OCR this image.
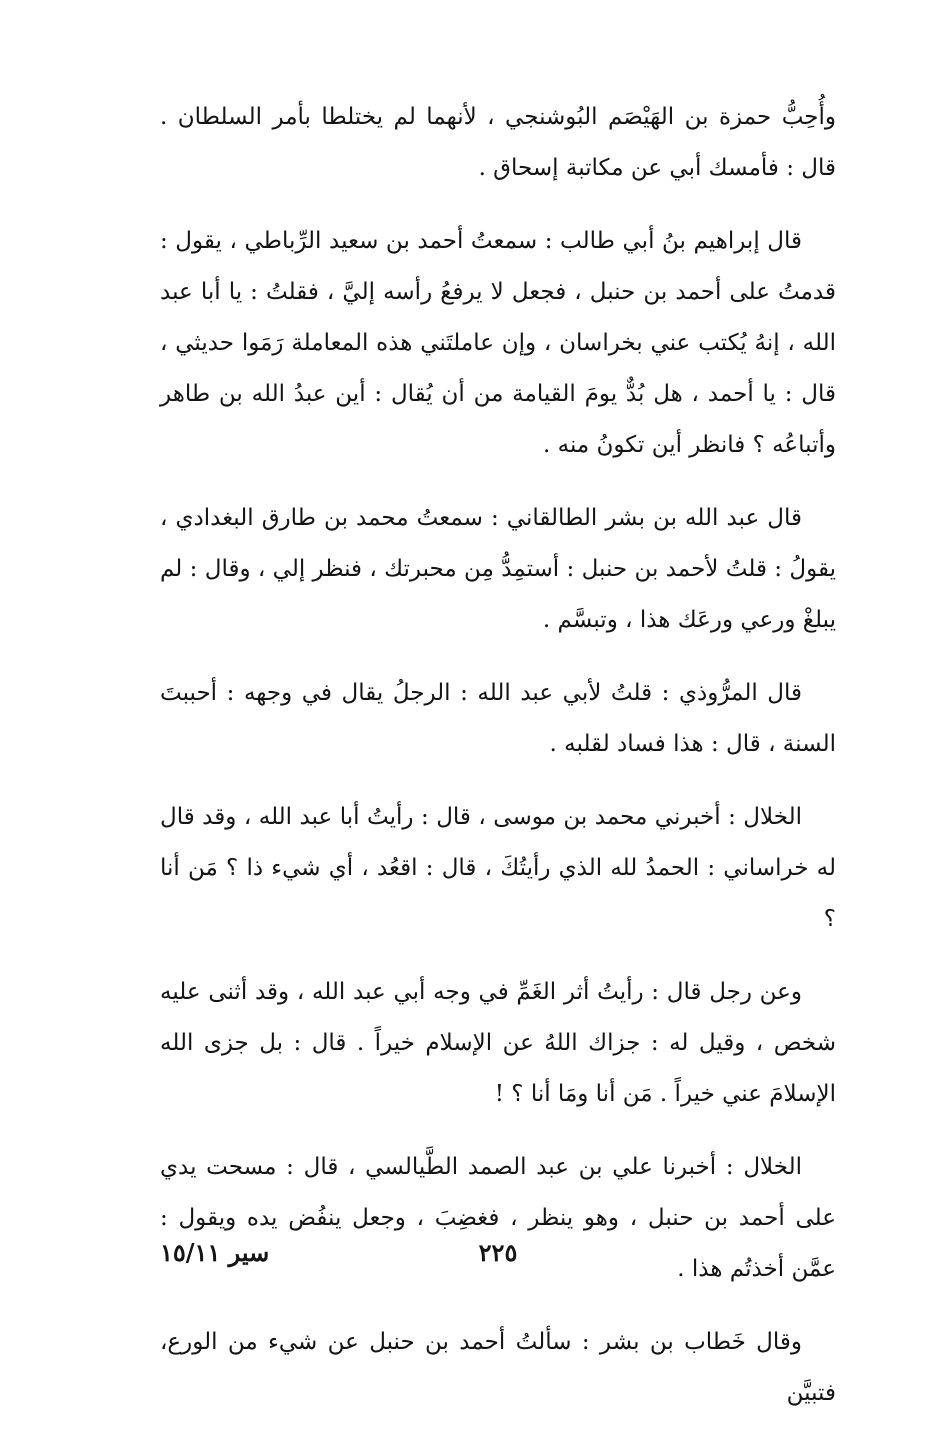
وأُحِبُّ حمزة بن الهَيْصَم البُوشنجي ، لأنهما لم يختلطا بأمر السلطان . قال : فأمسك أبي عن مكاتبة إسحاق .

قال إبراهيم بنُ أبي طالب : سمعتُ أحمد بن سعيد الرِّباطي ، يقول : قدمتُ على أحمد بن حنبل ، فجعل لا يرفعُ رأسه إليَّ ، فقلتُ : يا أبا عبد الله ، إنهُ يُكتب عني بخراسان ، وإن عاملتَني هذه المعاملة رَمَوا حديثي ، قال : يا أحمد ، هل بُدٌّ يومَ القيامة من أن يُقال : أين عبدُ الله بن طاهر وأتباعُه ؟ فانظر أين تكونُ منه .

قال عبد الله بن بشر الطالقاني : سمعتُ محمد بن طارق البغدادي ، يقولُ : قلتُ لأحمد بن حنبل : أستمِدُّ مِن محبرتك ، فنظر إلي ، وقال : لم يبلغْ ورعي ورعَك هذا ، وتبسَّم .

قال المرُّوذي : قلتُ لأبي عبد الله : الرجلُ يقال في وجهه : أحببتَ السنة ، قال : هذا فساد لقلبه .

الخلال : أخبرني محمد بن موسى ، قال : رأيتُ أبا عبد الله ، وقد قال له خراساني : الحمدُ لله الذي رأيتُكَ ، قال : اقعُد ، أي شيء ذا ؟ مَن أنا ؟

وعن رجل قال : رأيتُ أثر الغَمِّ في وجه أبي عبد الله ، وقد أثنى عليه شخص ، وقيل له : جزاك اللهُ عن الإسلام خيراً . قال : بل جزى الله الإسلامَ عني خيراً . مَن أنا ومَا أنا ؟ !

الخلال : أخبرنا علي بن عبد الصمد الطَّيالسي ، قال : مسحت يدي على أحمد بن حنبل ، وهو ينظر ، فغضِبَ ، وجعل ينفُض يده ويقول : عمَّن أخذتُم هذا .

وقال خَطاب بن بشر : سألتُ أحمد بن حنبل عن شيء من الورع، فتبيَّن

٢٢٥
سير ١٥/١١
